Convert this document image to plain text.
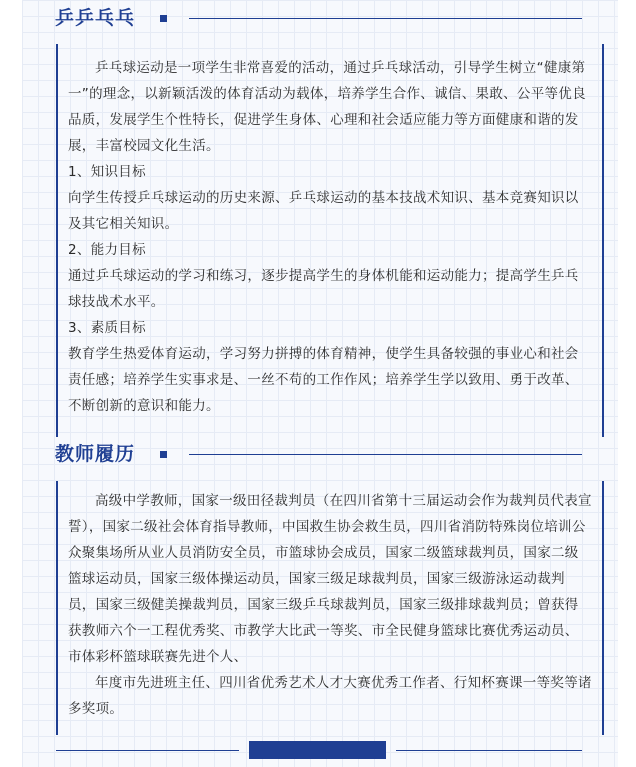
乒乒乓乓

乒乓球运动是一项学生非常喜爱的活动，通过乒乓球活动，引导学生树立“健康第一”的理念，以新颖活泼的体育活动为载体，培养学生合作、诚信、果敢、公平等优良品质，发展学生个性特长，促进学生身体、心理和社会适应能力等方面健康和谐的发展，丰富校园文化生活。

1、知识目标

向学生传授乒乓球运动的历史来源、乒乓球运动的基本技战术知识、基本竞赛知识以及其它相关知识。

2、能力目标

通过乒乓球运动的学习和练习，逐步提高学生的身体机能和运动能力；提高学生乒乓球技战术水平。

3、素质目标

教育学生热爱体育运动，学习努力拼搏的体育精神，使学生具备较强的事业心和社会责任感；培养学生实事求是、一丝不苟的工作作风；培养学生学以致用、勇于改革、不断创新的意识和能力。

教师履历

高级中学教师，国家一级田径裁判员（在四川省第十三届运动会作为裁判员代表宣誓），国家二级社会体育指导教师，中国救生协会救生员，四川省消防特殊岗位培训公众聚集场所从业人员消防安全员，市篮球协会成员，国家二级篮球裁判员，国家二级篮球运动员，国家三级体操运动员，国家三级足球裁判员，国家三级游泳运动裁判员，国家三级健美操裁判员，国家三级乒乓球裁判员，国家三级排球裁判员；曾获得获教师六个一工程优秀奖、市教学大比武一等奖、市全民健身篮球比赛优秀运动员、市体彩杯篮球联赛先进个人、

年度市先进班主任、四川省优秀艺术人才大赛优秀工作者、行知杯赛课一等奖等诸多奖项。
